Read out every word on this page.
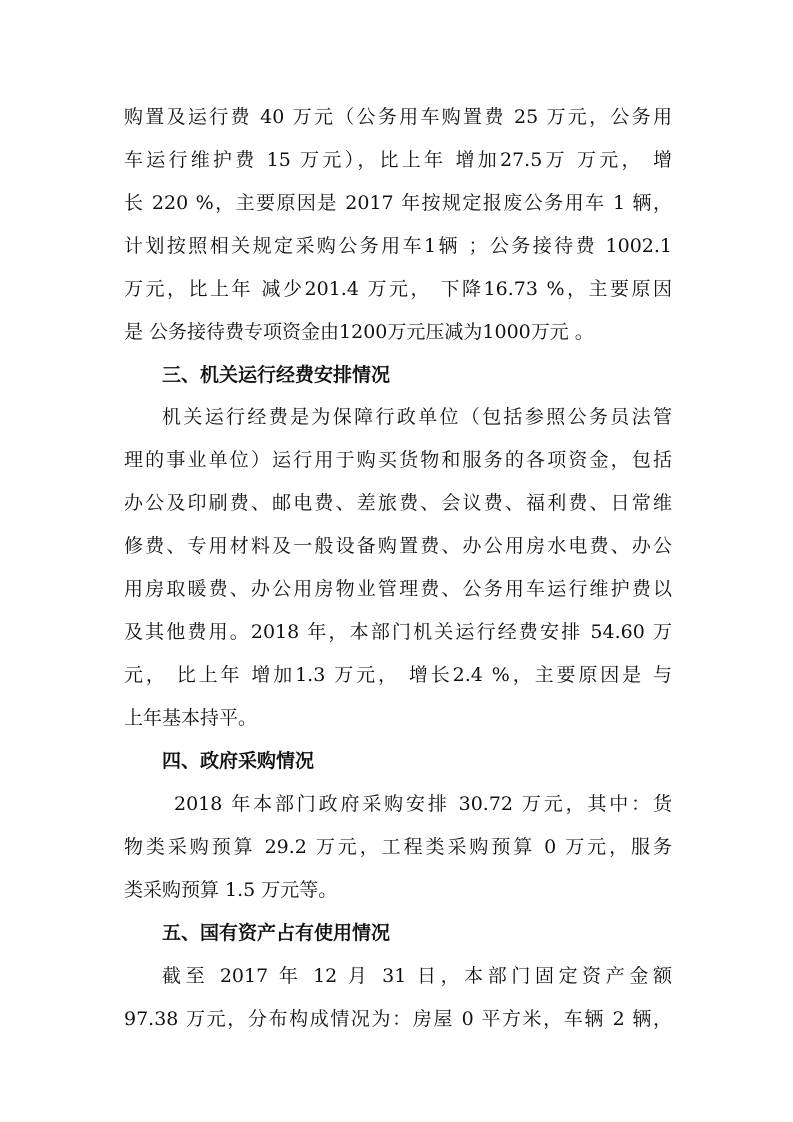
购置及运行费 40 万元（公务用车购置费 25 万元，公务用
车运行维护费 15 万元），比上年 增加27.5万 万元， 增
长 220 %，主要原因是 2017 年按规定报废公务用车 1 辆，
计划按照相关规定采购公务用车1辆 ；公务接待费 1002.1
万元，比上年 减少201.4 万元， 下降16.73 %，主要原因
是 公务接待费专项资金由1200万元压减为1000万元 。
三、机关运行经费安排情况
机关运行经费是为保障行政单位（包括参照公务员法管
理的事业单位）运行用于购买货物和服务的各项资金，包括
办公及印刷费、邮电费、差旅费、会议费、福利费、日常维
修费、专用材料及一般设备购置费、办公用房水电费、办公
用房取暖费、办公用房物业管理费、公务用车运行维护费以
及其他费用。2018 年，本部门机关运行经费安排 54.60 万
元， 比上年 增加1.3 万元， 增长2.4 %，主要原因是 与
上年基本持平。
四、政府采购情况
2018 年本部门政府采购安排 30.72 万元，其中：货
物类采购预算 29.2 万元，工程类采购预算 0 万元，服务
类采购预算 1.5 万元等。
五、国有资产占有使用情况
截至 2017 年 12 月 31 日，本部门固定资产金额
97.38 万元，分布构成情况为：房屋 0 平方米，车辆 2 辆，
